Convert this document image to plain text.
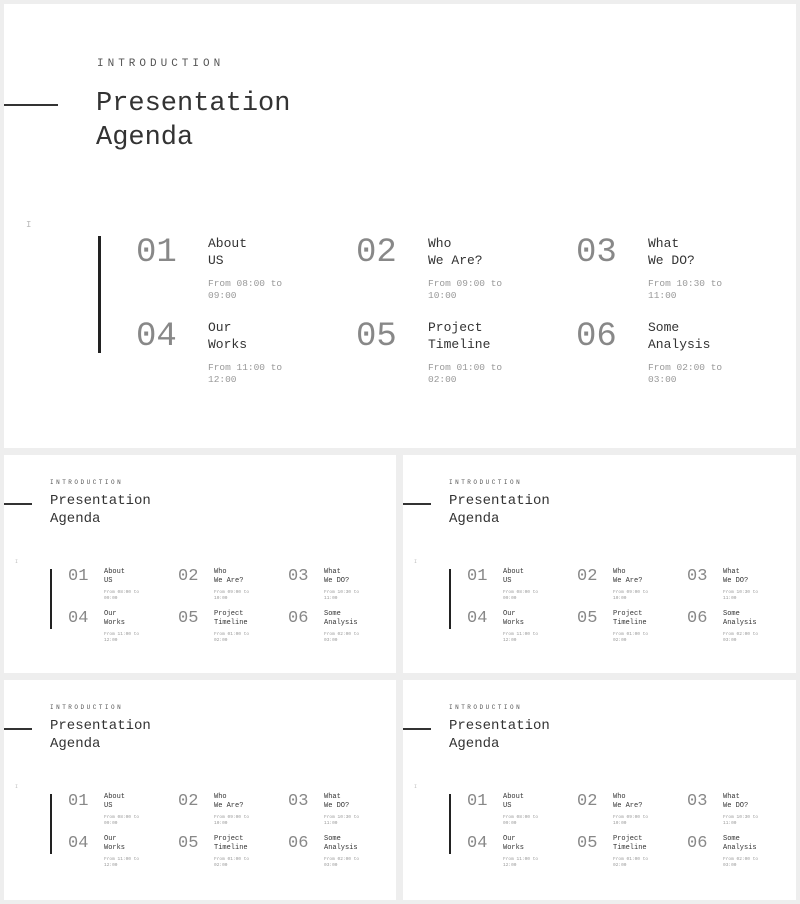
INTRODUCTION
Presentation
Agenda
I
01	About
US
From 08:00 to
09:00
02	Who
We Are?
From 09:00 to
10:00
03	What
We DO?
From 10:30 to
11:00
04	Our
Works
From 11:00 to
12:00
05	Project
Timeline
From 01:00 to
02:00
06	Some
Analysis
From 02:00 to
03:00
INTRODUCTION
Presentation
Agenda
I
01	About
US
From 08:00 to
09:00
02	Who
We Are?
From 09:00 to
10:00
03	What
We DO?
From 10:30 to
11:00
04	Our
Works
From 11:00 to
12:00
05	Project
Timeline
From 01:00 to
02:00
06	Some
Analysis
From 02:00 to
03:00
INTRODUCTION
Presentation
Agenda
I
01	About
US
From 08:00 to
09:00
02	Who
We Are?
From 09:00 to
10:00
03	What
We DO?
From 10:30 to
11:00
04	Our
Works
From 11:00 to
12:00
05	Project
Timeline
From 01:00 to
02:00
06	Some
Analysis
From 02:00 to
03:00
INTRODUCTION
Presentation
Agenda
I
01	About
US
From 08:00 to
09:00
02	Who
We Are?
From 09:00 to
10:00
03	What
We DO?
From 10:30 to
11:00
04	Our
Works
From 11:00 to
12:00
05	Project
Timeline
From 01:00 to
02:00
06	Some
Analysis
From 02:00 to
03:00
INTRODUCTION
Presentation
Agenda
I
01	About
US
From 08:00 to
09:00
02	Who
We Are?
From 09:00 to
10:00
03	What
We DO?
From 10:30 to
11:00
04	Our
Works
From 11:00 to
12:00
05	Project
Timeline
From 01:00 to
02:00
06	Some
Analysis
From 02:00 to
03:00
